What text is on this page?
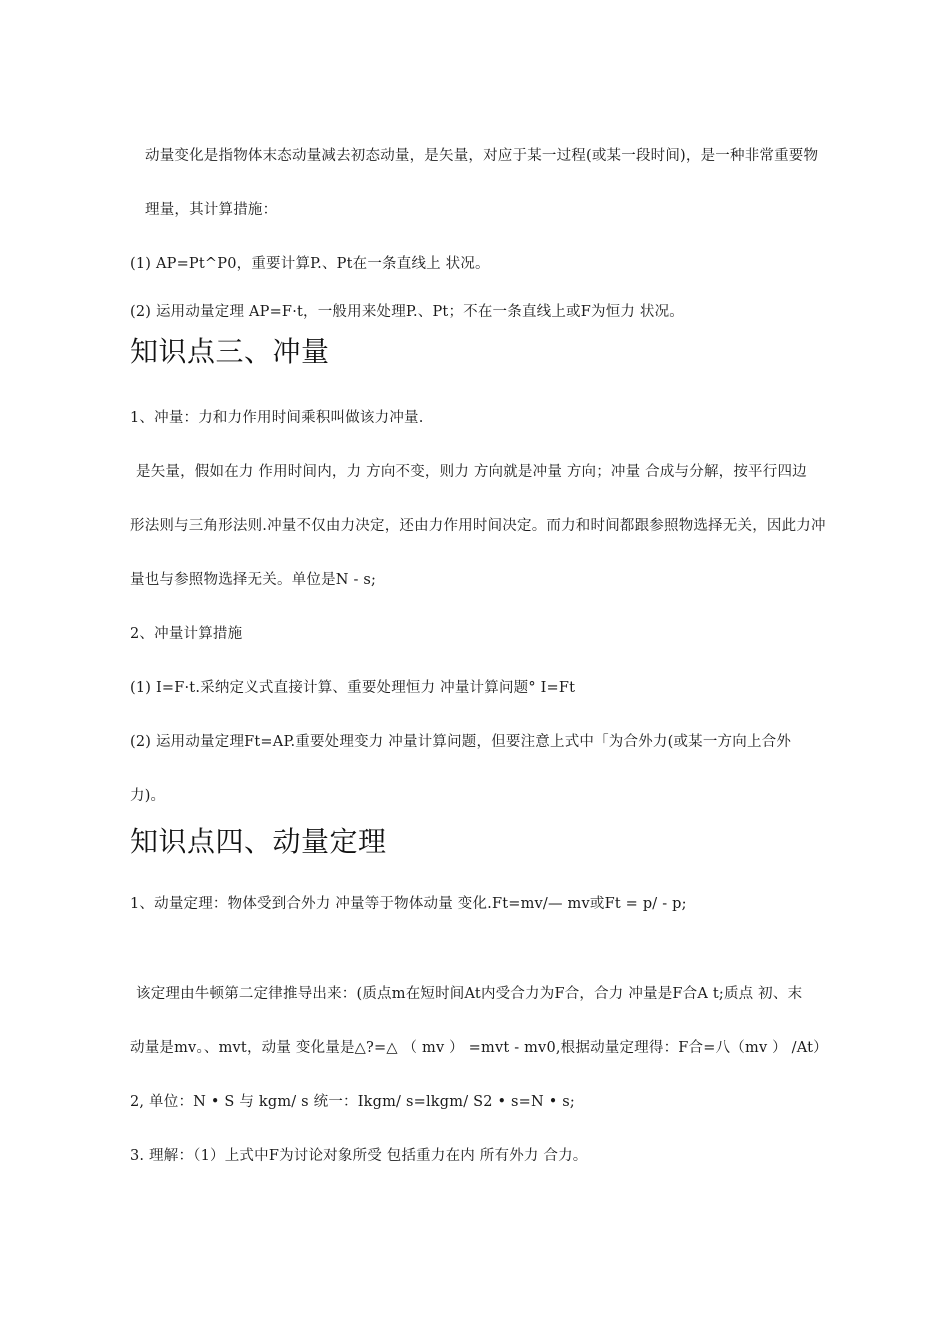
动量变化是指物体末态动量减去初态动量，是矢量，对应于某一过程(或某一段时间)，是一种非常重要物
理量，其计算措施：
(1) AP=Pt^P0，重要计算P.、Pt在一条直线上 状况。
(2) 运用动量定理 AP=F·t，一般用来处理P.、Pt；不在一条直线上或F为恒力 状况。
知识点三、冲量
1、冲量：力和力作用时间乘积叫做该力冲量.
是矢量，假如在力 作用时间内，力 方向不变，则力 方向就是冲量 方向；冲量 合成与分解，按平行四边
形法则与三角形法则.冲量不仅由力决定，还由力作用时间决定。而力和时间都跟参照物选择无关，因此力冲
量也与参照物选择无关。单位是N - s;
2、冲量计算措施
(1) I=F·t.采纳定义式直接计算、重要处理恒力 冲量计算问题° I=Ft
(2) 运用动量定理Ft=AP.重要处理变力 冲量计算问题，但要注意上式中「为合外力(或某一方向上合外
力)。
知识点四、动量定理
1、动量定理：物体受到合外力 冲量等于物体动量 变化.Ft=mv/— mv或Ft = p/ - p;
该定理由牛顿第二定律推导出来：(质点m在短时间At内受合力为F合，合力 冲量是F合A t;质点 初、末
动量是mv。、mvt，动量 变化量是△?=△ （ mv ） =mvt - mv0,根据动量定理得：F合=八（mv ） /At）
2, 单位：N • S 与 kgm/ s 统一：Ikgm/ s=lkgm/ S2 • s=N • s;
3. 理解：（1）上式中F为讨论对象所受 包括重力在内 所有外力 合力。
